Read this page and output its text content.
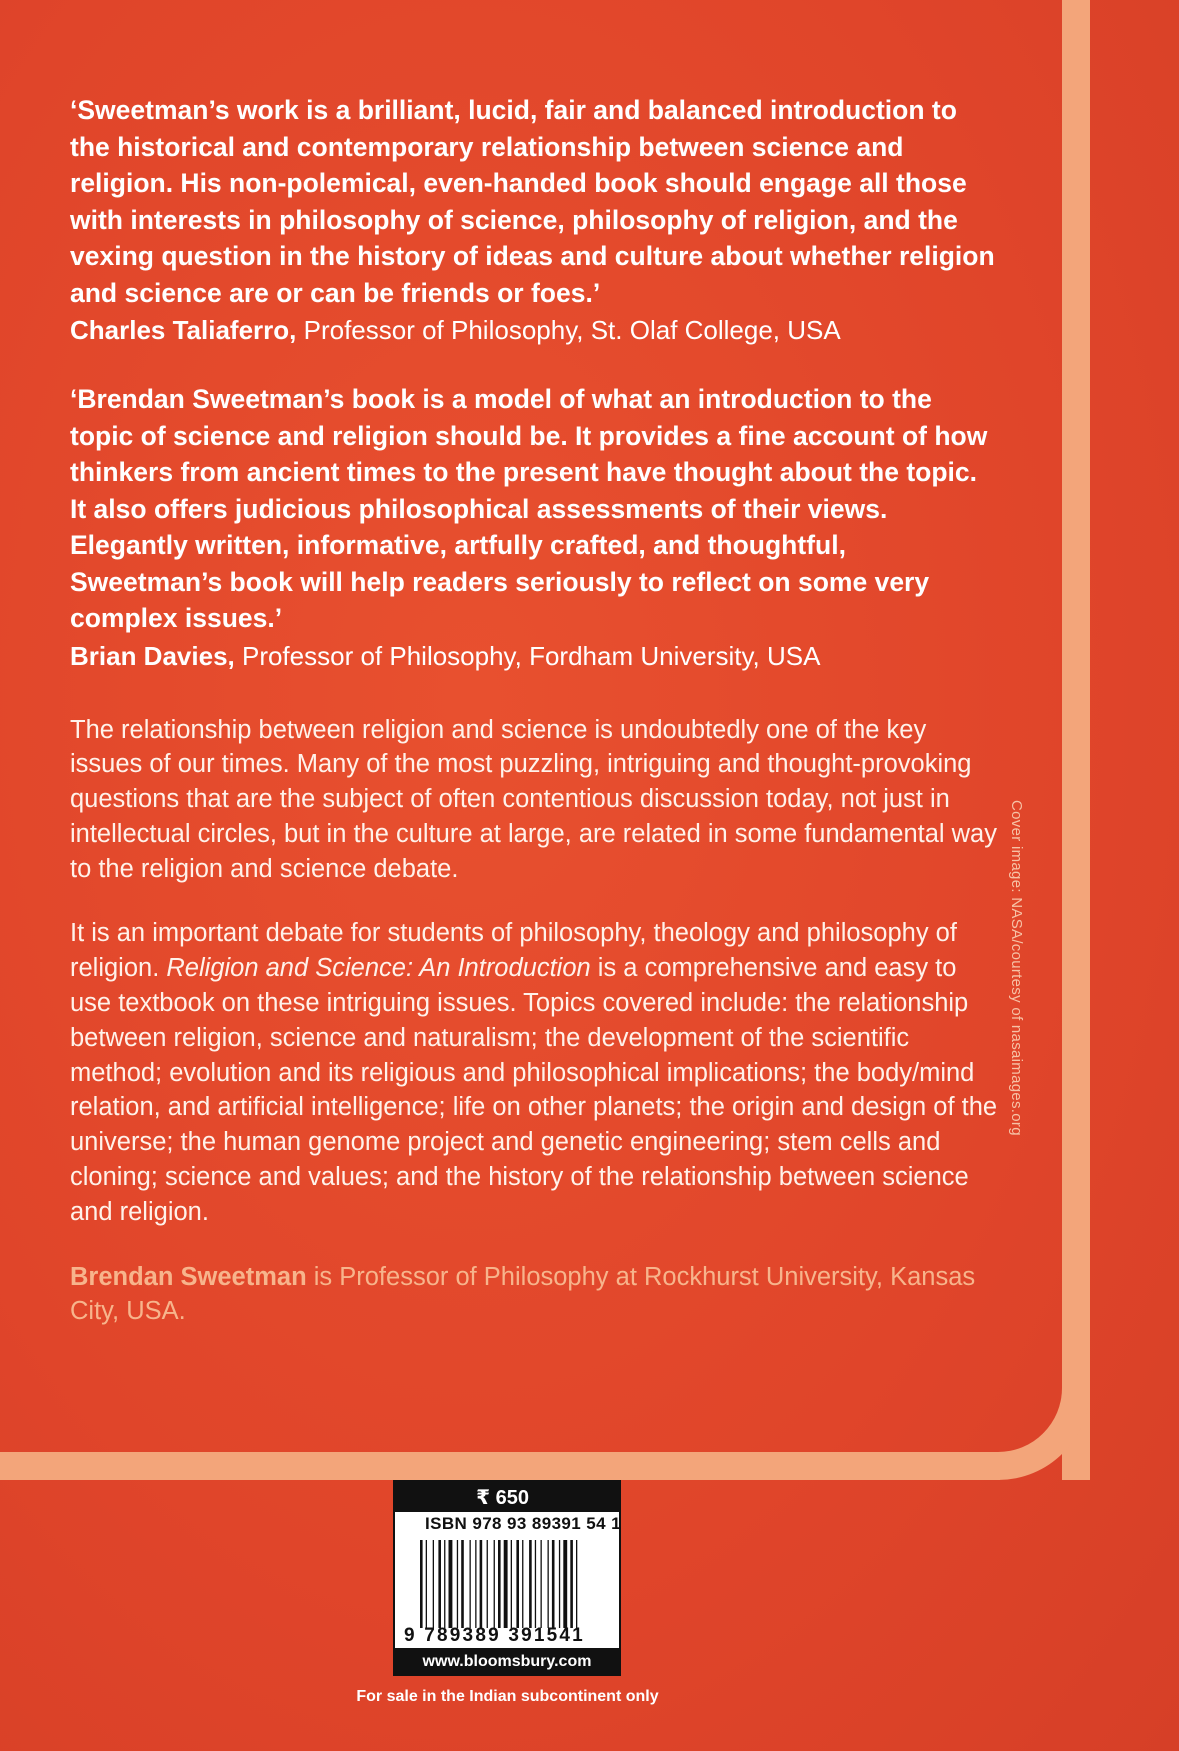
‘Sweetman’s work is a brilliant, lucid, fair and balanced introduction to the historical and contemporary relationship between science and religion. His non-polemical, even-handed book should engage all those with interests in philosophy of science, philosophy of religion, and the vexing question in the history of ideas and culture about whether religion and science are or can be friends or foes.’

Charles Taliaferro, Professor of Philosophy, St. Olaf College, USA

‘Brendan Sweetman’s book is a model of what an introduction to the topic of science and religion should be. It provides a fine account of how thinkers from ancient times to the present have thought about the topic. It also offers judicious philosophical assessments of their views. Elegantly written, informative, artfully crafted, and thoughtful, Sweetman’s book will help readers seriously to reflect on some very complex issues.’

Brian Davies, Professor of Philosophy, Fordham University, USA

The relationship between religion and science is undoubtedly one of the key issues of our times. Many of the most puzzling, intriguing and thought-provoking questions that are the subject of often contentious discussion today, not just in intellectual circles, but in the culture at large, are related in some fundamental way to the religion and science debate.

It is an important debate for students of philosophy, theology and philosophy of religion. Religion and Science: An Introduction is a comprehensive and easy to use textbook on these intriguing issues. Topics covered include: the relationship between religion, science and naturalism; the development of the scientific method; evolution and its religious and philosophical implications; the body/mind relation, and artificial intelligence; life on other planets; the origin and design of the universe; the human genome project and genetic engineering; stem cells and cloning; science and values; and the history of the relationship between science and religion.

Brendan Sweetman is Professor of Philosophy at Rockhurst University, Kansas City, USA.

Cover image: NASA/courtesy of nasaimages.org
₹ 650
ISBN 978 93 89391 54 1
9 789389 391541
www.bloomsbury.com
For sale in the Indian subcontinent only
